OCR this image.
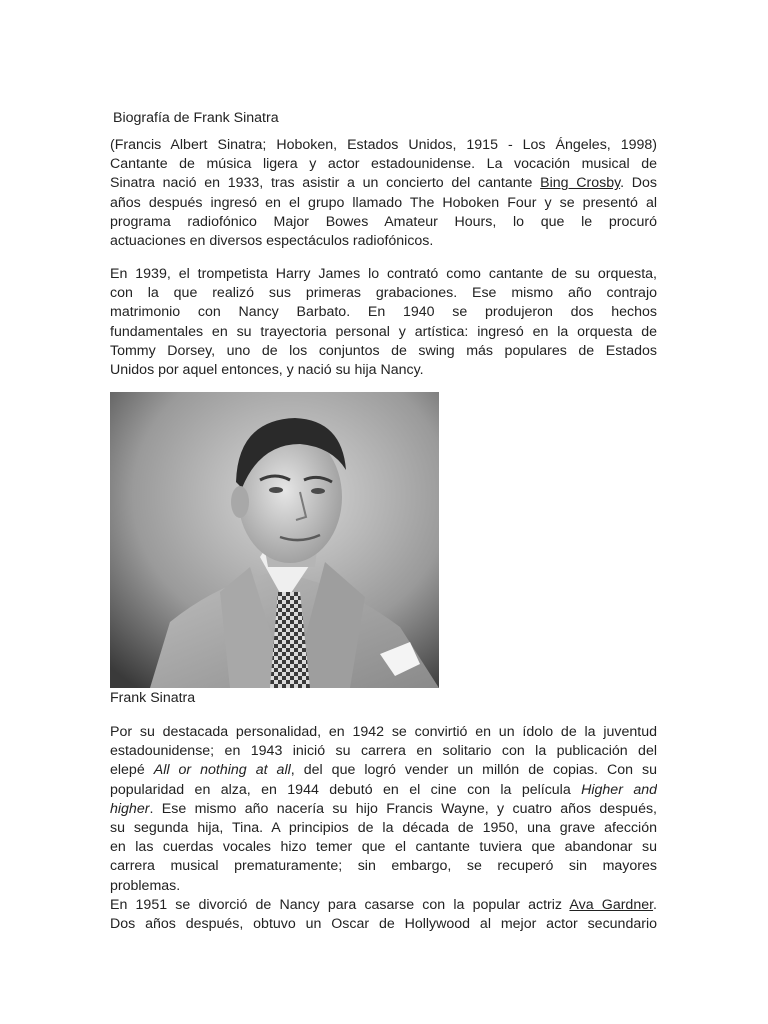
Biografía de Frank Sinatra
(Francis Albert Sinatra; Hoboken, Estados Unidos, 1915 - Los Ángeles, 1998)
Cantante de música ligera y actor estadounidense. La vocación musical de
Sinatra nació en 1933, tras asistir a un concierto del cantante Bing Crosby. Dos
años después ingresó en el grupo llamado The Hoboken Four y se presentó al
programa radiofónico Major Bowes Amateur Hours, lo que le procuró
actuaciones en diversos espectáculos radiofónicos.
En 1939, el trompetista Harry James lo contrató como cantante de su orquesta,
con la que realizó sus primeras grabaciones. Ese mismo año contrajo
matrimonio con Nancy Barbato. En 1940 se produjeron dos hechos
fundamentales en su trayectoria personal y artística: ingresó en la orquesta de
Tommy Dorsey, uno de los conjuntos de swing más populares de Estados
Unidos por aquel entonces, y nació su hija Nancy.
Frank Sinatra
Por su destacada personalidad, en 1942 se convirtió en un ídolo de la juventud
estadounidense; en 1943 inició su carrera en solitario con la publicación del
elepé All or nothing at all, del que logró vender un millón de copias. Con su
popularidad en alza, en 1944 debutó en el cine con la película Higher and
higher. Ese mismo año nacería su hijo Francis Wayne, y cuatro años después,
su segunda hija, Tina. A principios de la década de 1950, una grave afección
en las cuerdas vocales hizo temer que el cantante tuviera que abandonar su
carrera musical prematuramente; sin embargo, se recuperó sin mayores
problemas.
En 1951 se divorció de Nancy para casarse con la popular actriz Ava Gardner.
Dos años después, obtuvo un Oscar de Hollywood al mejor actor secundario
